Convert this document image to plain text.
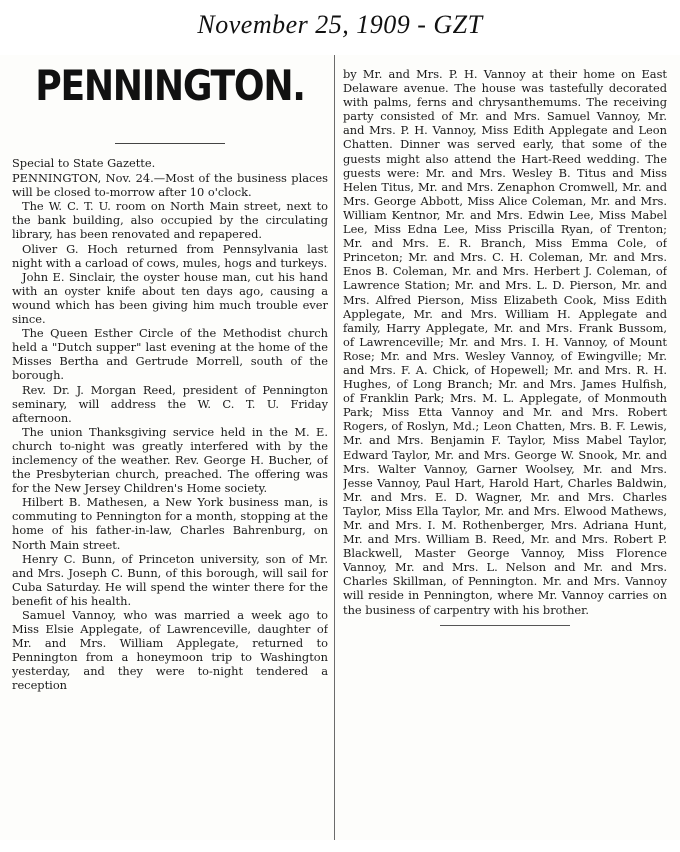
November 25, 1909 - GZT
PENNINGTON.

Special to State Gazette.

PENNINGTON, Nov. 24.—Most of the business places will be closed to-morrow after 10 o'clock.

The W. C. T. U. room on North Main street, next to the bank building, also occupied by the circulating library, has been renovated and repapered.

Oliver G. Hoch returned from Pennsylvania last night with a carload of cows, mules, hogs and turkeys.

John E. Sinclair, the oyster house man, cut his hand with an oyster knife about ten days ago, causing a wound which has been giving him much trouble ever since.

The Queen Esther Circle of the Methodist church held a "Dutch supper" last evening at the home of the Misses Bertha and Gertrude Morrell, south of the borough.

Rev. Dr. J. Morgan Reed, president of Pennington seminary, will address the W. C. T. U. Friday afternoon.

The union Thanksgiving service held in the M. E. church to-night was greatly interfered with by the inclemency of the weather. Rev. George H. Bucher, of the Presbyterian church, preached. The offering was for the New Jersey Children's Home society.

Hilbert B. Mathesen, a New York business man, is commuting to Pennington for a month, stopping at the home of his father-in-law, Charles Bahrenburg, on North Main street.

Henry C. Bunn, of Princeton university, son of Mr. and Mrs. Joseph C. Bunn, of this borough, will sail for Cuba Saturday. He will spend the winter there for the benefit of his health.

Samuel Vannoy, who was married a week ago to Miss Elsie Applegate, of Lawrenceville, daughter of Mr. and Mrs. William Applegate, returned to Pennington from a honeymoon trip to Washington yesterday, and they were to-night tendered a reception

by Mr. and Mrs. P. H. Vannoy at their home on East Delaware avenue. The house was tastefully decorated with palms, ferns and chrysanthemums. The receiving party consisted of Mr. and Mrs. Samuel Vannoy, Mr. and Mrs. P. H. Vannoy, Miss Edith Applegate and Leon Chatten. Dinner was served early, that some of the guests might also attend the Hart-Reed wedding. The guests were: Mr. and Mrs. Wesley B. Titus and Miss Helen Titus, Mr. and Mrs. Zenaphon Cromwell, Mr. and Mrs. George Abbott, Miss Alice Coleman, Mr. and Mrs. William Kentnor, Mr. and Mrs. Edwin Lee, Miss Mabel Lee, Miss Edna Lee, Miss Priscilla Ryan, of Trenton; Mr. and Mrs. E. R. Branch, Miss Emma Cole, of Princeton; Mr. and Mrs. C. H. Coleman, Mr. and Mrs. Enos B. Coleman, Mr. and Mrs. Herbert J. Coleman, of Lawrence Station; Mr. and Mrs. L. D. Pierson, Mr. and Mrs. Alfred Pierson, Miss Elizabeth Cook, Miss Edith Applegate, Mr. and Mrs. William H. Applegate and family, Harry Applegate, Mr. and Mrs. Frank Bussom, of Lawrenceville; Mr. and Mrs. I. H. Vannoy, of Mount Rose; Mr. and Mrs. Wesley Vannoy, of Ewingville; Mr. and Mrs. F. A. Chick, of Hopewell; Mr. and Mrs. R. H. Hughes, of Long Branch; Mr. and Mrs. James Hulfish, of Franklin Park; Mrs. M. L. Applegate, of Monmouth Park; Miss Etta Vannoy and Mr. and Mrs. Robert Rogers, of Roslyn, Md.; Leon Chatten, Mrs. B. F. Lewis, Mr. and Mrs. Benjamin F. Taylor, Miss Mabel Taylor, Edward Taylor, Mr. and Mrs. George W. Snook, Mr. and Mrs. Walter Vannoy, Garner Woolsey, Mr. and Mrs. Jesse Vannoy, Paul Hart, Harold Hart, Charles Baldwin, Mr. and Mrs. E. D. Wagner, Mr. and Mrs. Charles Taylor, Miss Ella Taylor, Mr. and Mrs. Elwood Mathews, Mr. and Mrs. I. M. Rothenberger, Mrs. Adriana Hunt, Mr. and Mrs. William B. Reed, Mr. and Mrs. Robert P. Blackwell, Master George Vannoy, Miss Florence Vannoy, Mr. and Mrs. L. Nelson and Mr. and Mrs. Charles Skillman, of Pennington. Mr. and Mrs. Vannoy will reside in Pennington, where Mr. Vannoy carries on the business of carpentry with his brother.
